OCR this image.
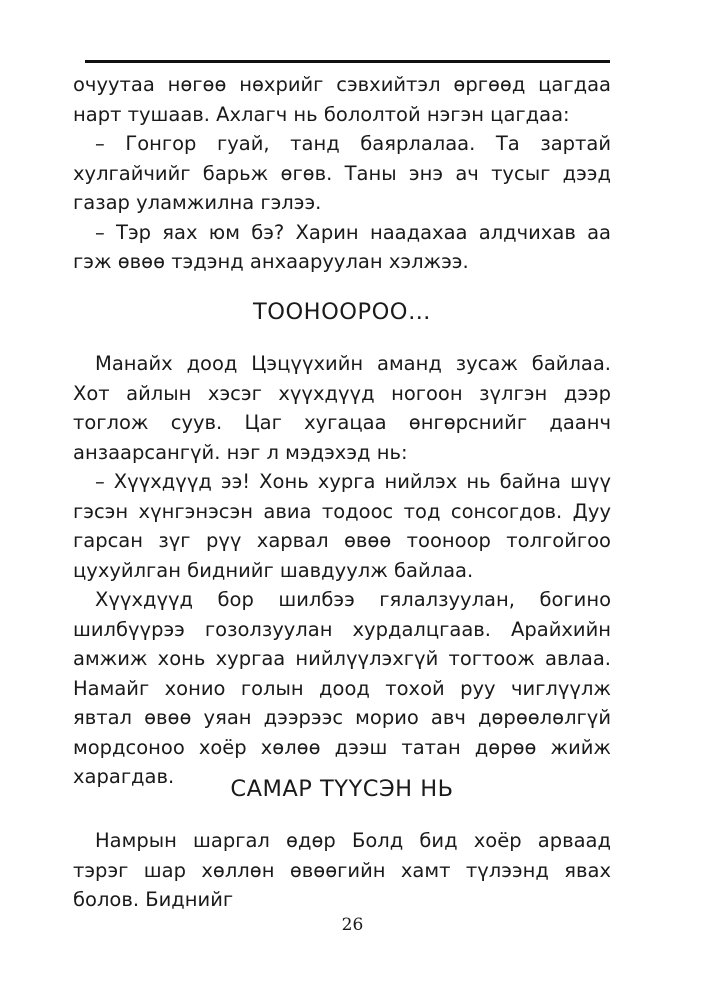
очуутаа нөгөө нөхрийг сэвхийтэл өргөөд цагдаа нарт тушаав. Ахлагч нь бололтой нэгэн цагдаа:

– Гонгор гуай, танд баярлалаа. Та зартай хулгайчийг барьж өгөв. Таны энэ ач тусыг дээд газар уламжилна гэлээ.

– Тэр яах юм бэ? Харин наадахаа алдчихав аа гэж өвөө тэдэнд анхааруулан хэлжээ.

ТООНООРОО…

Манайх доод Цэцүүхийн аманд зусаж байлаа. Хот айлын хэсэг хүүхдүүд ногоон зүлгэн дээр тоглож суув. Цаг хугацаа өнгөрснийг даанч анзаарсангүй. нэг л мэдэхэд нь:

– Хүүхдүүд ээ! Хонь хурга нийлэх нь байна шүү гэсэн хүнгэнэсэн авиа тодоос тод сонсогдов. Дуу гарсан зүг рүү харвал өвөө тооноор толгойгоо цухуйлган биднийг шавдуулж байлаа.

Хүүхдүүд бор шилбээ гялалзуулан, богино шилбүүрээ гозолзуулан хурдалцгаав. Арайхийн амжиж хонь хургаа нийлүүлэхгүй тогтоож авлаа. Намайг хонио голын доод тохой руу чиглүүлж явтал өвөө уяан дээрээс морио авч дөрөөлөлгүй мордсоноо хоёр хөлөө дээш татан дөрөө жийж харагдав.	САМАР ТҮҮСЭН НЬ

Намрын шаргал өдөр Болд бид хоёр арваад тэрэг шар хөллөн өвөөгийн хамт түлээнд явах болов. Биднийг

26
